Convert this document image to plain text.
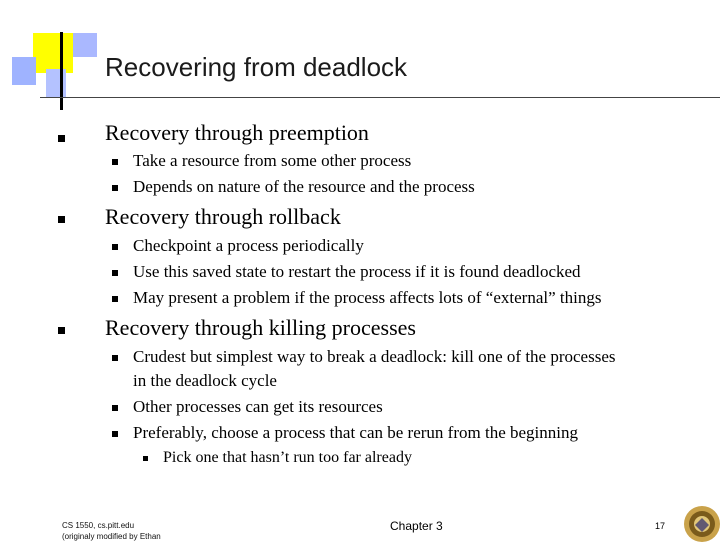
Recovering from deadlock
Recovery through preemption
Take a resource from some other process
Depends on nature of the resource and the process
Recovery through rollback
Checkpoint a process periodically
Use this saved state to restart the process if it is found deadlocked
May present a problem if the process affects lots of “external” things
Recovery through killing processes
Crudest but simplest way to break a deadlock: kill one of the processes
in the deadlock cycle
Other processes can get its resources
Preferably, choose a process that can be rerun from the beginning
Pick one that hasn’t run too far already
CS 1550, cs.pitt.edu
(originaly modified by Ethan
Chapter 3	17
